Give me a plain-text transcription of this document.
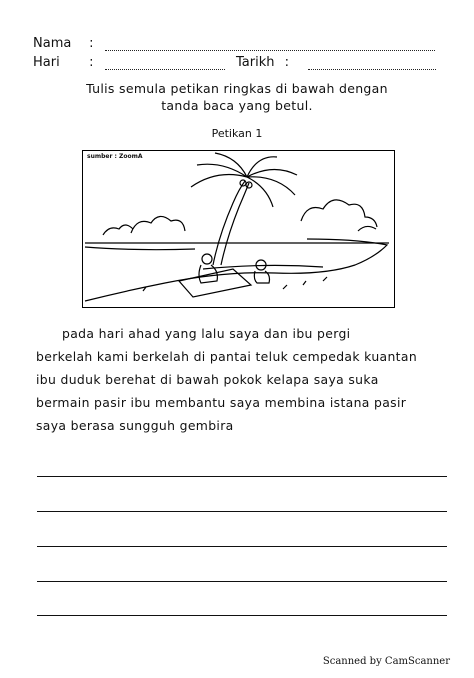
Nama :
Hari :	Tarikh :
Tulis semula petikan ringkas di bawah dengan
tanda baca yang betul.
Petikan 1
sumber : ZoomA
pada hari ahad yang lalu saya dan ibu pergi
berkelah kami berkelah di pantai teluk cempedak kuantan
ibu duduk berehat di bawah pokok kelapa saya suka
bermain pasir ibu membantu saya membina istana pasir
saya berasa sungguh gembira
Scanned by CamScanner
